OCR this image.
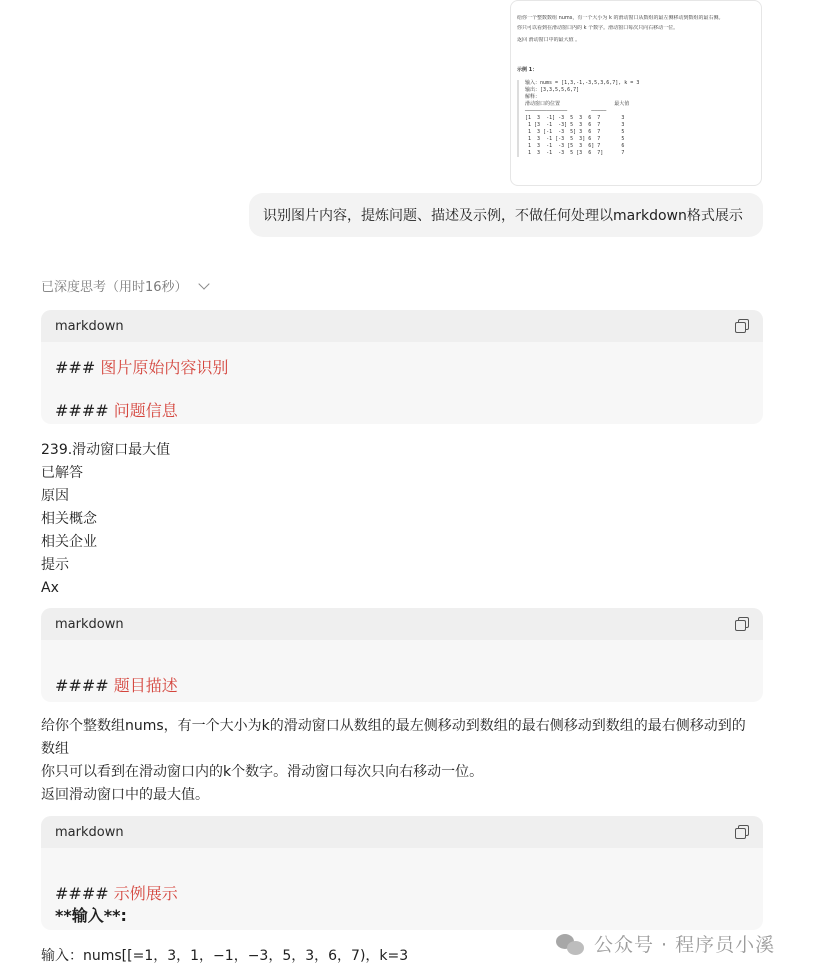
给你一个整数数组 nums，有一个大小为 k 的滑动窗口从数组的最左侧移动到数组的最右侧。
你只可以看到在滑动窗口内的 k 个数字。滑动窗口每次只向右移动一位。
返回 滑动窗口中的最大值 。
示例 1：
输入：nums = [1,3,-1,-3,5,3,6,7], k = 3
输出：[3,3,5,5,6,7]
解释：
滑动窗口的位置	最大值
──────────────        ─────
[1  3  -1] -3  5  3  6  7       3
1 [3  -1  -3] 5  3  6  7       3
1  3 [-1  -3  5] 3  6  7       5
1  3  -1 [-3  5  3] 6  7       5
1  3  -1  -3 [5  3  6] 7       6
1  3  -1  -3  5 [3  6  7]      7
识别图片内容，提炼问题、描述及示例，不做任何处理以markdown格式展示
已深度思考（用时16秒）
markdown
### 图片原始内容识别
#### 问题信息
239.滑动窗口最大值
已解答
原因
相关概念
相关企业
提示
Ax
markdown
#### 题目描述
给你个整数组nums，有一个大小为k的滑动窗口从数组的最左侧移动到数组的最右侧移动到数组的最右侧移动到的
数组
你只可以看到在滑动窗口内的k个数字。滑动窗口每次只向右移动一位。
返回滑动窗口中的最大值。
markdown
#### 示例展示
**输入**:
输入：nums[[=1，3，1，−1，−3，5，3，6，7)，k=3	公众号 · 程序员小溪
